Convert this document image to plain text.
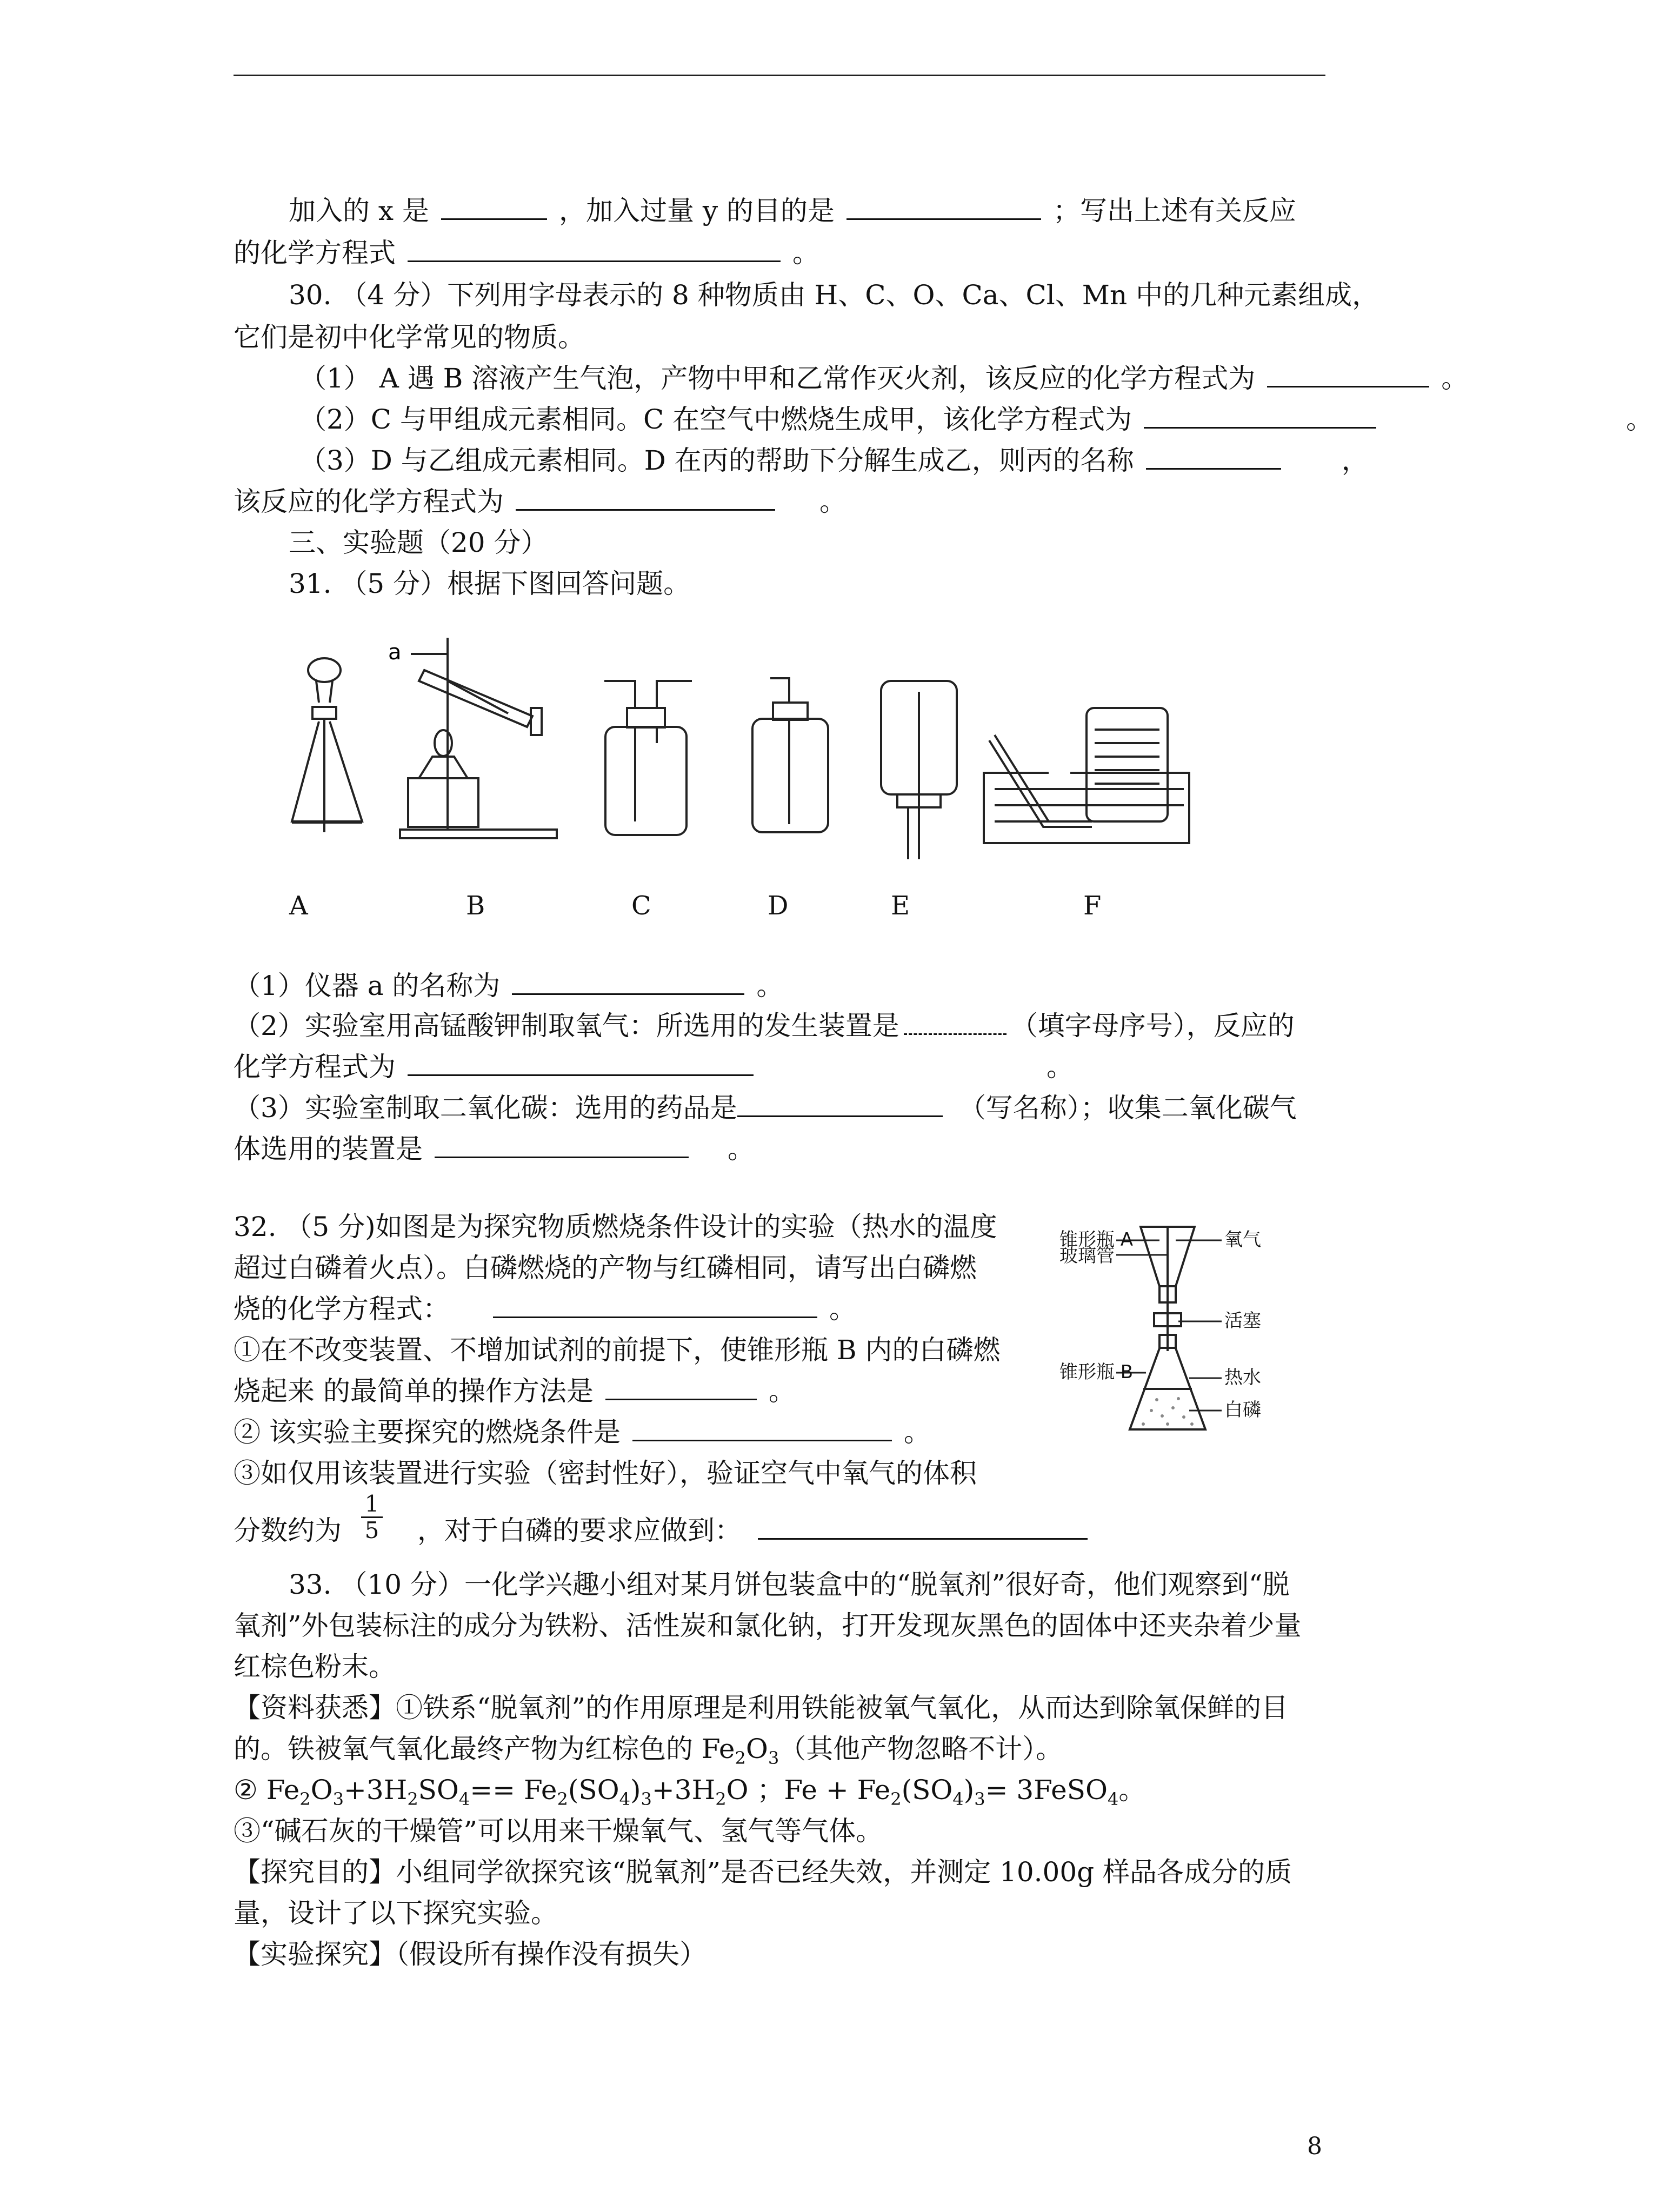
加入的 x 是	，加入过量 y 的目的是	；写出上述有关反应
的化学方程式	。
30. （4 分）下列用字母表示的 8 种物质由 H、C、O、Ca、Cl、Mn 中的几种元素组成，
它们是初中化学常见的物质。
（1） A 遇 B 溶液产生气泡，产物中甲和乙常作灭火剂，该反应的化学方程式为	。
（2）C 与甲组成元素相同。C 在空气中燃烧生成甲，该化学方程式为	。
（3）D 与乙组成元素相同。D 在丙的帮助下分解生成乙，则丙的名称	，
该反应的化学方程式为	。
三、实验题（20 分）
31. （5 分）根据下图回答问题。
a
A	B	C	D	E	F
（1）仪器 a 的名称为	。
（2）实验室用高锰酸钾制取氧气：所选用的发生装置是	（填字母序号），反应的
化学方程式为	。
（3）实验室制取二氧化碳：选用的药品是	（写名称）；收集二氧化碳气
体选用的装置是	。
32. （5 分)如图是为探究物质燃烧条件设计的实验（热水的温度
超过白磷着火点）。白磷燃烧的产物与红磷相同，请写出白磷燃
烧的化学方程式：	。
①在不改变装置、不增加试剂的前提下，使锥形瓶 B 内的白磷燃
烧起来 的最简单的操作方法是	。
② 该实验主要探究的燃烧条件是	。
③如仅用该装置进行实验（密封性好），验证空气中氧气的体积
分数约为	，对于白磷的要求应做到：
$\frac{1}{5}$
锥形瓶 A
玻璃管
氧气
活塞
锥形瓶 B	热水
白磷
33. （10 分）一化学兴趣小组对某月饼包装盒中的“脱氧剂”很好奇，他们观察到“脱
氧剂”外包装标注的成分为铁粉、活性炭和氯化钠，打开发现灰黑色的固体中还夹杂着少量
红棕色粉末。
【资料获悉】①铁系“脱氧剂”的作用原理是利用铁能被氧气氧化，从而达到除氧保鲜的目
的。铁被氧气氧化最终产物为红棕色的 $Fe_2O_3$（其他产物忽略不计）。
② $Fe_2O_3+3H_2SO_4== Fe_2(SO_4)_3+3H_2O$ ；$Fe + Fe_2(SO_4)_3=$ 3FeSO$_4$。
③“碱石灰的干燥管”可以用来干燥氧气、氢气等气体。
【探究目的】小组同学欲探究该“脱氧剂”是否已经失效，并测定 10.00g 样品各成分的质
量，设计了以下探究实验。
【实验探究】（假设所有操作没有损失）
8
